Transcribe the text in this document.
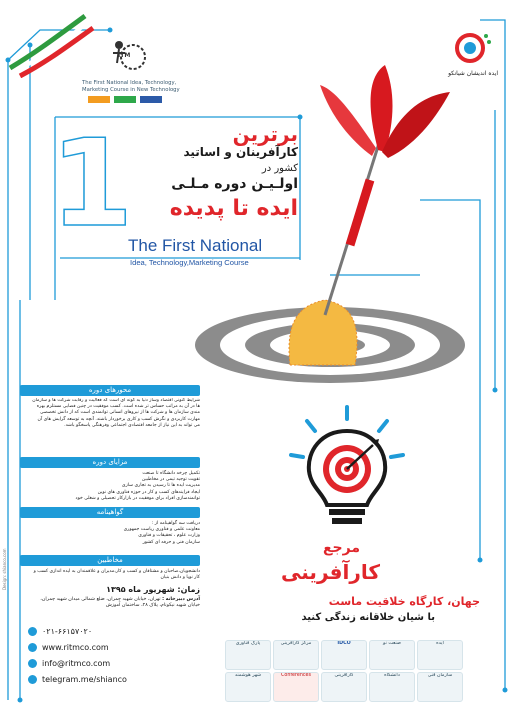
ITM
The First National Idea, Technology,
Marketing Course in New Technology
ایده اندیشان شیانکو
1	برترین
کارآفرینان و اساتید
کشور در
اولـیـن دوره مـلـی
ایده تا پدیده
The First National
Idea, Technology,Marketing Course
محورهای دوره
شرایط کنونی اقتصاد وساز دنیا به گونه ای است که فعالیت و رقابت شرکت ها و سازمان ها در آن به مراتب حساس تر شده است. کسب موفقیت در چنین فضایی مستلزم بهره مندی سازمان ها و شرکت ها از نیروهای انسانی توانمندی است که از دانش تخصصی مهارت کاربردی و نگرش کسب و کاری برخوردار باشند. آنچه به توسعه گرایش های آن می تواند به این نیاز از جامعه اقتصادی اجتماعی وفرهنگی پاسخگو باشد.
مزایای دوره
تکمیل چرخه دانشگاه تا صنعت
تقویت توجیه تیمی در مخاطبین
مدیریت ایده ها تا رسیدن به تجاری سازی
ایجاد فرایندهای کسب و کار در حوزه فناوری های نوین
توانمندسازی افراد برای موفقیت در بازارکار تحصیلی و شغلی خود
گواهینامه
دریافت سه گواهینامه از :
معاونت علمی و فناوری ریاست جمهوری
وزارت علوم ، تحقیقات و فناوری
سازمان فنی و حرفه ای کشور
مخاطبین
دانشجویان،صاحبان و مشتاقان و کسب و کار،مدیران و علاقمندان به ایده اندازی کسب و کار نوپا و دانش بنیان
زمان: شهریور ماه ۱۳۹۵
آدرس دبیرخانه : تهران، خیابان شهید چمران، ضلع شمالی میدان شهید چمران، خیابان شهید نیکونام، پلاک ۲۸، ساختمان آموزش
۰۲۱-۶۶۱۵۷۰۲۰
www.ritmco.com
info@ritmco.com
telegram.me/shianco
Design: shianco.com
مرجع
کارآفرینی
جهان، کارگاه خلاقیت ماست
با شیان خلاقانه زندگی کنید
پارک فناوری	مرکز کارآفرینی	IDCO	صنعت نو	ایده
شهر هوشمند	Conferences	کارآفرینی	دانشگاه	سازمان فنی
